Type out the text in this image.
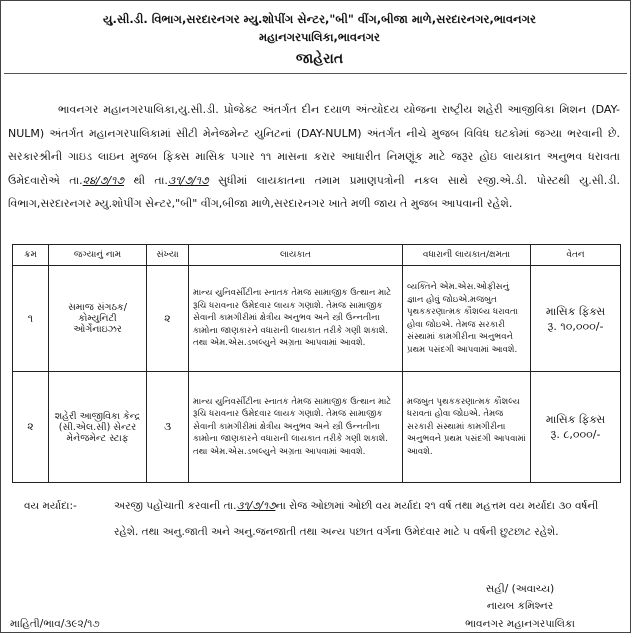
યુ.સી.ડી. વિભાગ,સરદારનગર મ્યુ.શોપીંગ સેન્ટર,"બી" વીંગ,બીજા માળે,સરદારનગર,ભાવનગર
મહાનગરપાલિકા,ભાવનગર
જાહેરાત

ભાવનગર મહાનગરપાલિકા,યુ.સી.ડી. પ્રોજેક્ટ અંતર્ગત દીન દયાળ અંત્યોદય યોજના રાષ્ટ્રીય શહેરી આજીવિકા મિશન (DAY-NULM) અંતર્ગત મહાનગરપાલિકામાં સીટી મેનેજમેન્ટ યુનિટનાં (DAY-NULM) અંતર્ગત નીચે મુજબ વિવિધ ઘટકોમાં જગ્યા ભરવાની છે. સરકારશ્રીની ગાઇડ લાઇન મુજબ ફિક્સ માસિક પગાર ૧૧ માસના કરાર આધારીત નિમણૂંક માટે જરૂર હોઇ લાયકાત અનુભવ ધરાવતા ઉમેદવારોએ તા.૨૪/૭/૧૭ થી તા.૩૧/૭/૧૭ સુધીમાં લાયકાતના તમામ પ્રમાણપત્રોની નકલ સાથે રજી.એ.ડી. પોસ્ટથી યુ.સી.ડી. વિભાગ,સરદારનગર મ્યુ.શોપીંગ સેન્ટર,"બી" વીંગ,બીજા માળે,સરદારનગર ખાતે મળી જાય તે મુજબ આપવાની રહેશે.

ક્રમ	જગ્યાનું નામ	સંખ્યા	લાયકાત	વધારાની લાયકાત/ક્ષમતા	વેતન
૧	સમાજ સંગઠક/ કોમ્યુનિટી ઓર્ગેનાઇઝર	૨	માન્ય યુનિવર્સીટીના સ્નાતક તેમજ સામાજીક ઉત્થાન માટે રૂચિ ધરાવનાર ઉમેદવાર લાયક ગણાશે. તેમજ સામાજીક સેવાની કામગીરીમાં ક્ષેત્રીય અનુભવ અને સ્ત્રી ઉન્નતીના કામોના જાણકારને વધારાની લાયકાત તરીકે ગણી શકાશે. તથા એમ.એસ.ડબલ્યુને અગ્રતા આપવામાં આવશે.	વ્યક્તિને એમ.એસ.ઓફીસનું જ્ઞાન હોવું જોઇએ.મજબુત પૃથકકરણાત્મક કૌશલ્ય ધરાવતા હોવા જોઇએ. તેમજ સરકારી સંસ્થામાં કામગીરીના અનુભવને પ્રથમ પસંદગી આપવામાં આવશે.	માસિક ફિક્સ
રૂ. ૧૦,૦૦૦/-

૨	શહેરી આજીવિકા કેન્દ્ર (સી.એલ.સી) સેન્ટર મેનેજમેન્ટ સ્ટાફ	૩	માન્ય યુનિવર્સીટીના સ્નાતક તેમજ સામાજીક ઉત્થાન માટે રૂચિ ધરાવનાર ઉમેદવાર લાયક ગણાશે. તેમજ સામાજીક સેવાની કામગીરીમાં ક્ષેત્રીય અનુભવ અને સ્ત્રી ઉન્નતીના કામોના જાણકારને વધારાની લાયકાત તરીકે ગણી શકાશે. તથા એમ.એસ.ડબલ્યુને અગ્રતા આપવામાં આવશે.	મજબુત પૃથકકરણાત્મક કૌશલ્ય ધરાવતા હોવા જોઇએ. તેમજ સરકારી સંસ્થામાં કામગીરીના અનુભવને પ્રથમ પસંદગી આપવામાં આવશે.	માસિક ફિક્સ
રૂ. ૮,૦૦૦/-

વય મર્યાદા:-	અરજી પહોંચાતી કરવાની તા.૩૧/૭/૧૭ના રોજ ઓછામાં ઓછી વય મર્યાદા ૨૧ વર્ષ તથા મહત્તમ વય મર્યાદા ૩૦ વર્ષની
રહેશે. તથા અનુ.જાતી અને અનુ.જનજાતી તથા અન્ય પછાત વર્ગના ઉમેદવાર માટે ૫ વર્ષની છુટછાટ રહેશે.

સહી/ (અવાચ્ય)
નાયબ કમિશ્નર
ભાવનગર મહાનગરપાલિકા
માહિતી/ભાવ/૩૯૨/૧૭
